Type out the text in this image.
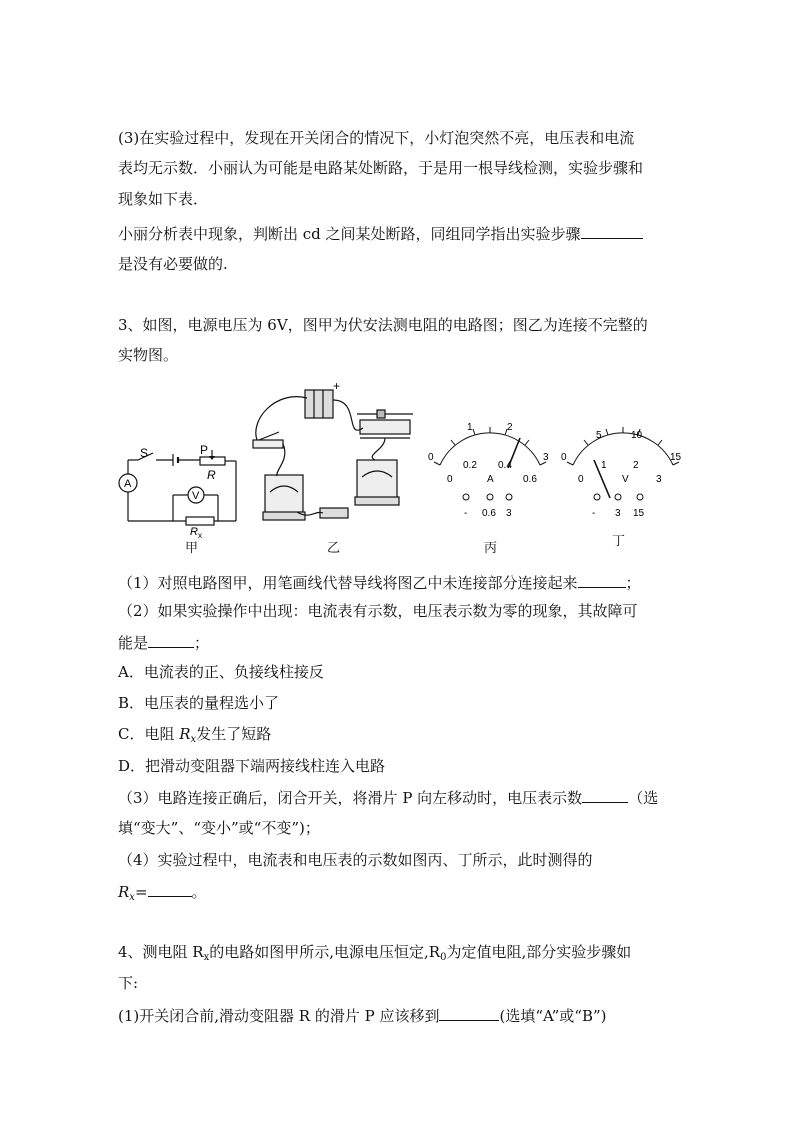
(3)在实验过程中，发现在开关闭合的情况下，小灯泡突然不亮，电压表和电流
表均无示数．小丽认为可能是电路某处断路，于是用一根导线检测，实验步骤和
现象如下表．
小丽分析表中现象，判断出 cd 之间某处断路，同组同学指出实验步骤
是没有必要做的.
3、如图，电源电压为 6V，图甲为伏安法测电阻的电路图；图乙为连接不完整的
实物图。
S	P
R
A
V
R x
甲
+
乙
0
1	2
3
0
0.2 0.4
0.6
A
- 0.6 3
丙
0
5	10
15
0
1	2
3
V
- 3 15
丁
（1）对照电路图甲，用笔画线代替导线将图乙中未连接部分连接起来	；
（2）如果实验操作中出现：电流表有示数，电压表示数为零的现象，其故障可
能是	；
A．电流表的正、负接线柱接反
B．电压表的量程选小了
C．电阻 $R_x$发生了短路
D．把滑动变阻器下端两接线柱连入电路
（3）电路连接正确后，闭合开关，将滑片 P 向左移动时，电压表示数	（选
填“变大”、“变小”或“不变”)；
（4）实验过程中，电流表和电压表的示数如图丙、丁所示，此时测得的
$R_x=$	。
4、测电阻 $R_x$的电路如图甲所示,电源电压恒定$,R_0$为定值电阻,部分实验步骤如
下:
(1)开关闭合前,滑动变阻器 R 的滑片 P 应该移到	(选填“A”或“B”)
